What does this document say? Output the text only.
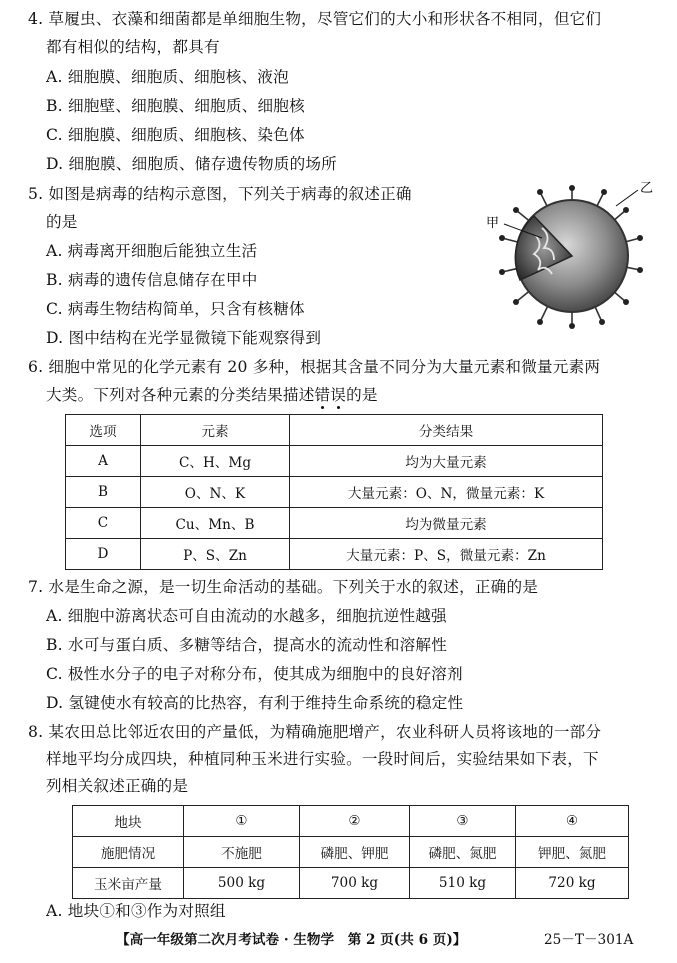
4. 草履虫、衣藻和细菌都是单细胞生物，尽管它们的大小和形状各不相同，但它们
都有相似的结构，都具有
A. 细胞膜、细胞质、细胞核、液泡
B. 细胞壁、细胞膜、细胞质、细胞核
C. 细胞膜、细胞质、细胞核、染色体
D. 细胞膜、细胞质、储存遗传物质的场所
5. 如图是病毒的结构示意图，下列关于病毒的叙述正确
的是
A. 病毒离开细胞后能独立生活
B. 病毒的遗传信息储存在甲中
C. 病毒生物结构简单，只含有核糖体
D. 图中结构在光学显微镜下能观察得到
甲
乙
6. 细胞中常见的化学元素有 20 多种，根据其含量不同分为大量元素和微量元素两
大类。下列对各种元素的分类结果描述错误的是
选项	元素	分类结果
A	C、H、Mg	均为大量元素
B	O、N、K	大量元素：O、N，微量元素：K
C	Cu、Mn、B	均为微量元素
D	P、S、Zn	大量元素：P、S，微量元素：Zn
7. 水是生命之源，是一切生命活动的基础。下列关于水的叙述，正确的是
A. 细胞中游离状态可自由流动的水越多，细胞抗逆性越强
B. 水可与蛋白质、多糖等结合，提高水的流动性和溶解性
C. 极性水分子的电子对称分布，使其成为细胞中的良好溶剂
D. 氢键使水有较高的比热容，有利于维持生命系统的稳定性
8. 某农田总比邻近农田的产量低，为精确施肥增产，农业科研人员将该地的一部分
样地平均分成四块，种植同种玉米进行实验。一段时间后，实验结果如下表，下
列相关叙述正确的是
地块	①	②	③	④
施肥情况	不施肥	磷肥、钾肥	磷肥、氮肥	钾肥、氮肥
玉米亩产量	500 kg	700 kg	510 kg	720 kg
A. 地块①和③作为对照组
【高一年级第二次月考试卷 · 生物学　第 2 页(共 6 页)】	25－T－301A
